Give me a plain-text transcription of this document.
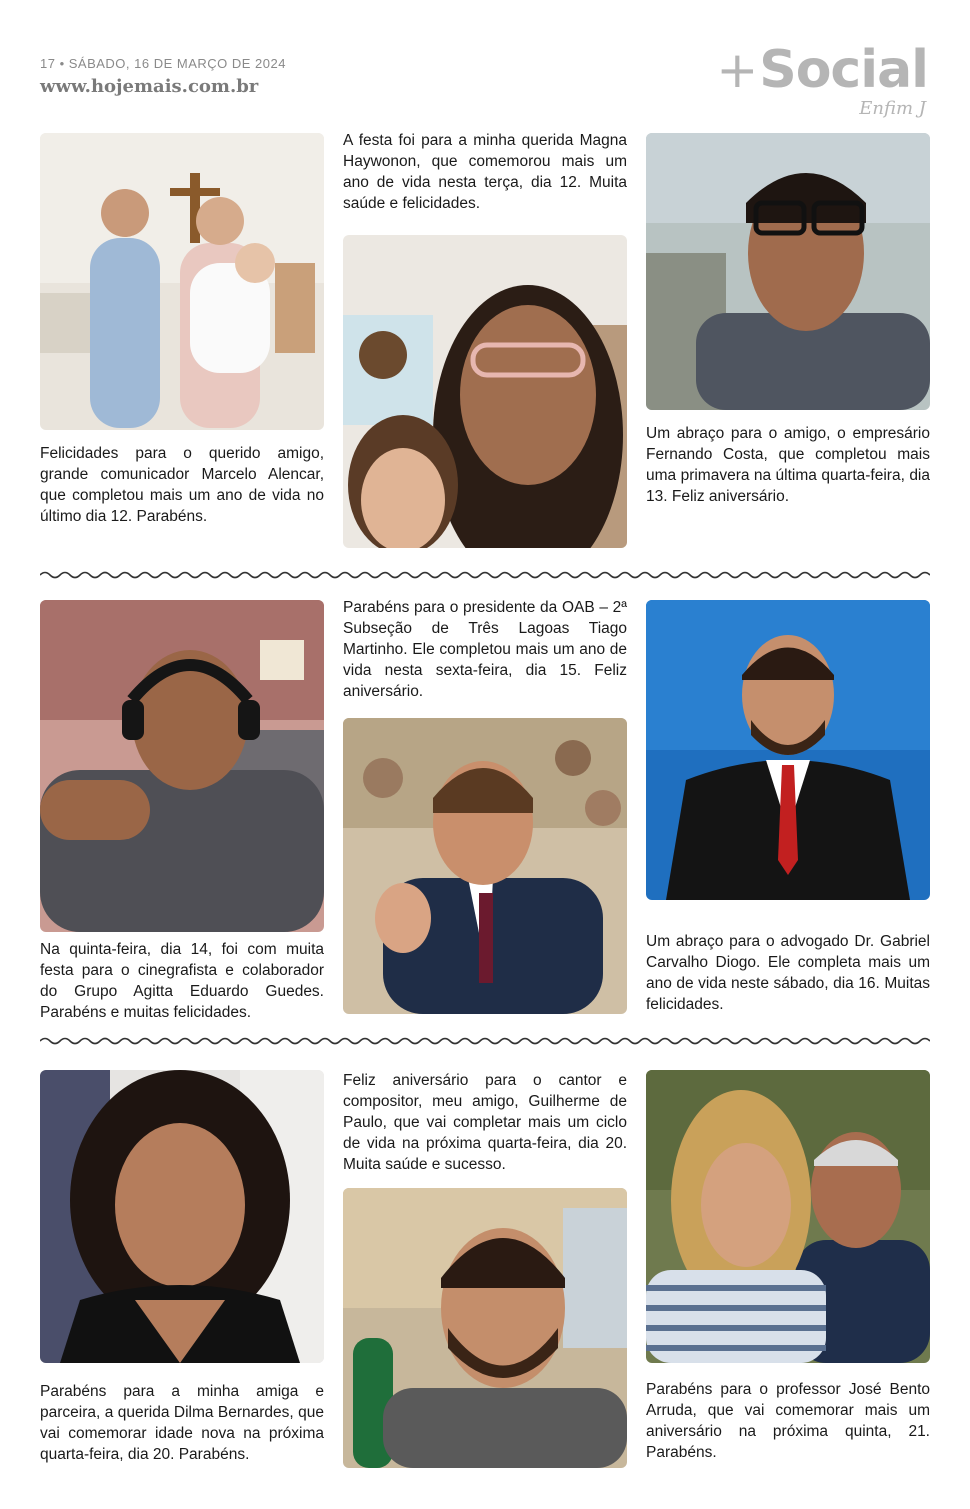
17 • SÁBADO, 16 DE MARÇO DE 2024
www.hojemais.com.br	+Social
Enfim J
Felicidades para o querido amigo, grande comunicador Marcelo Alencar, que completou mais um ano de vida no último dia 12. Parabéns.
A festa foi para a minha querida Magna Haywonon, que comemorou mais um ano de vida nesta terça, dia 12. Muita saúde e felicidades.
Um abraço para o amigo, o empresário Fernando Costa, que completou mais uma primavera na última quarta-feira, dia 13. Feliz aniversário.
Na quinta-feira, dia 14, foi com muita festa para o cinegrafista e colaborador do Grupo Agitta Eduardo Guedes. Parabéns e muitas felicidades.
Parabéns para o presidente da OAB – 2ª Subseção de Três Lagoas Tiago Martinho. Ele completou mais um ano de vida nesta sexta-feira, dia 15. Feliz aniversário.
Um abraço para o advogado Dr. Gabriel Carvalho Diogo. Ele completa mais um ano de vida neste sábado, dia 16. Muitas felicidades.
Parabéns para a minha amiga e parceira, a querida Dilma Bernardes, que vai comemorar idade nova na próxima quarta-feira, dia 20. Parabéns.
Feliz aniversário para o cantor e compositor, meu amigo, Guilherme de Paulo, que vai completar mais um ciclo de vida na próxima quarta-feira, dia 20. Muita saúde e sucesso.
Parabéns para o professor José Bento Arruda, que vai comemorar mais um aniversário na próxima quinta, 21. Parabéns.
